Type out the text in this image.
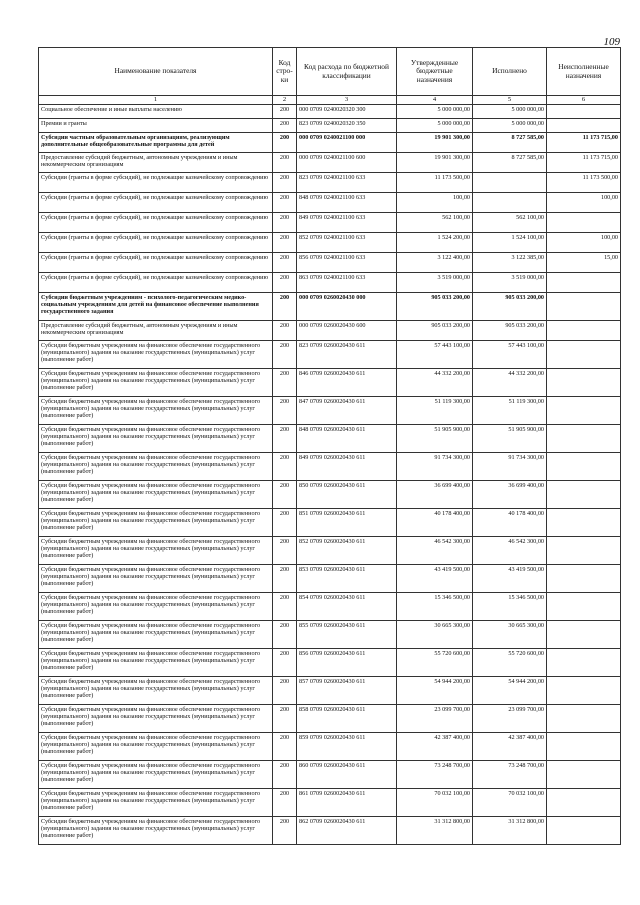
109
Наименование показателя	Код стро-ки	Код расхода по бюджетной классификации	Утвержденные бюджетные назначения	Исполнено	Неисполненные назначения
1	2	3	4	5	6
Социальное обеспечение и иные выплаты населению	200	000 0709 0240020320 300	5 000 000,00	5 000 000,00	
Премии и гранты	200	823 0709 0240020320 350	5 000 000,00	5 000 000,00	
Субсидии частным образовательным организациям, реализующим дополнительные общеобразовательные программы для детей	200	000 0709 0240021100 000	19 901 300,00	8 727 585,00	11 173 715,00
Предоставление субсидий бюджетным, автономным учреждениям и иным некоммерческим организациям	200	000 0709 0240021100 600	19 901 300,00	8 727 585,00	11 173 715,00
Субсидии (гранты в форме субсидий), не подлежащие казначейскому сопровождению	200	823 0709 0240021100 633	11 173 500,00		11 173 500,00
Субсидии (гранты в форме субсидий), не подлежащие казначейскому сопровождению	200	848 0709 0240021100 633	100,00		100,00
Субсидии (гранты в форме субсидий), не подлежащие казначейскому сопровождению	200	849 0709 0240021100 633	562 100,00	562 100,00	
Субсидии (гранты в форме субсидий), не подлежащие казначейскому сопровождению	200	852 0709 0240021100 633	1 524 200,00	1 524 100,00	100,00
Субсидии (гранты в форме субсидий), не подлежащие казначейскому сопровождению	200	856 0709 0240021100 633	3 122 400,00	3 122 385,00	15,00
Субсидии (гранты в форме субсидий), не подлежащие казначейскому сопровождению	200	863 0709 0240021100 633	3 519 000,00	3 519 000,00	
Субсидии бюджетным учреждениям - психолого-педагогическим медико-социальным учреждениям для детей на финансовое обеспечение выполнения государственного задания	200	000 0709 0260020430 000	905 033 200,00	905 033 200,00	
Предоставление субсидий бюджетным, автономным учреждениям и иным некоммерческим организациям	200	000 0709 0260020430 600	905 033 200,00	905 033 200,00	
Субсидии бюджетным учреждениям на финансовое обеспечение государственного (муниципального) задания на оказание государственных (муниципальных) услуг (выполнение работ)	200	823 0709 0260020430 611	57 443 100,00	57 443 100,00	
Субсидии бюджетным учреждениям на финансовое обеспечение государственного (муниципального) задания на оказание государственных (муниципальных) услуг (выполнение работ)	200	846 0709 0260020430 611	44 332 200,00	44 332 200,00	
Субсидии бюджетным учреждениям на финансовое обеспечение государственного (муниципального) задания на оказание государственных (муниципальных) услуг (выполнение работ)	200	847 0709 0260020430 611	51 119 300,00	51 119 300,00	
Субсидии бюджетным учреждениям на финансовое обеспечение государственного (муниципального) задания на оказание государственных (муниципальных) услуг (выполнение работ)	200	848 0709 0260020430 611	51 905 900,00	51 905 900,00	
Субсидии бюджетным учреждениям на финансовое обеспечение государственного (муниципального) задания на оказание государственных (муниципальных) услуг (выполнение работ)	200	849 0709 0260020430 611	91 734 300,00	91 734 300,00	
Субсидии бюджетным учреждениям на финансовое обеспечение государственного (муниципального) задания на оказание государственных (муниципальных) услуг (выполнение работ)	200	850 0709 0260020430 611	36 699 400,00	36 699 400,00	
Субсидии бюджетным учреждениям на финансовое обеспечение государственного (муниципального) задания на оказание государственных (муниципальных) услуг (выполнение работ)	200	851 0709 0260020430 611	40 178 400,00	40 178 400,00	
Субсидии бюджетным учреждениям на финансовое обеспечение государственного (муниципального) задания на оказание государственных (муниципальных) услуг (выполнение работ)	200	852 0709 0260020430 611	46 542 300,00	46 542 300,00	
Субсидии бюджетным учреждениям на финансовое обеспечение государственного (муниципального) задания на оказание государственных (муниципальных) услуг (выполнение работ)	200	853 0709 0260020430 611	43 419 500,00	43 419 500,00	
Субсидии бюджетным учреждениям на финансовое обеспечение государственного (муниципального) задания на оказание государственных (муниципальных) услуг (выполнение работ)	200	854 0709 0260020430 611	15 346 500,00	15 346 500,00	
Субсидии бюджетным учреждениям на финансовое обеспечение государственного (муниципального) задания на оказание государственных (муниципальных) услуг (выполнение работ)	200	855 0709 0260020430 611	30 665 300,00	30 665 300,00	
Субсидии бюджетным учреждениям на финансовое обеспечение государственного (муниципального) задания на оказание государственных (муниципальных) услуг (выполнение работ)	200	856 0709 0260020430 611	55 720 600,00	55 720 600,00	
Субсидии бюджетным учреждениям на финансовое обеспечение государственного (муниципального) задания на оказание государственных (муниципальных) услуг (выполнение работ)	200	857 0709 0260020430 611	54 944 200,00	54 944 200,00	
Субсидии бюджетным учреждениям на финансовое обеспечение государственного (муниципального) задания на оказание государственных (муниципальных) услуг (выполнение работ)	200	858 0709 0260020430 611	23 099 700,00	23 099 700,00	
Субсидии бюджетным учреждениям на финансовое обеспечение государственного (муниципального) задания на оказание государственных (муниципальных) услуг (выполнение работ)	200	859 0709 0260020430 611	42 387 400,00	42 387 400,00	
Субсидии бюджетным учреждениям на финансовое обеспечение государственного (муниципального) задания на оказание государственных (муниципальных) услуг (выполнение работ)	200	860 0709 0260020430 611	73 248 700,00	73 248 700,00	
Субсидии бюджетным учреждениям на финансовое обеспечение государственного (муниципального) задания на оказание государственных (муниципальных) услуг (выполнение работ)	200	861 0709 0260020430 611	70 032 100,00	70 032 100,00	
Субсидии бюджетным учреждениям на финансовое обеспечение государственного (муниципального) задания на оказание государственных (муниципальных) услуг (выполнение работ)	200	862 0709 0260020430 611	31 312 800,00	31 312 800,00	
